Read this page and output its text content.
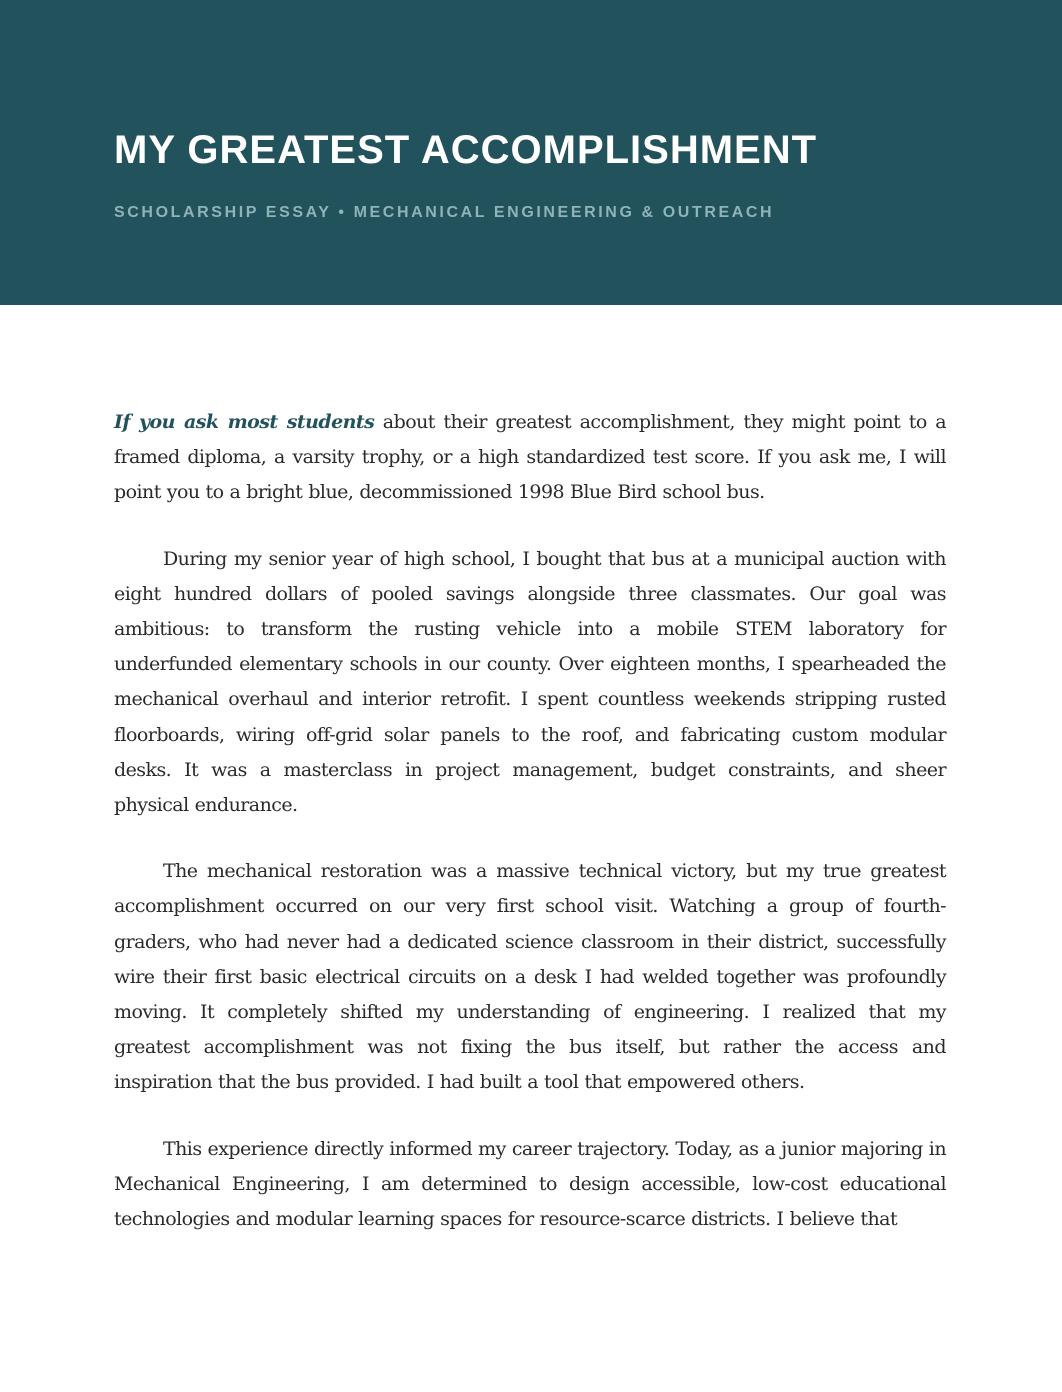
MY GREATEST ACCOMPLISHMENT
SCHOLARSHIP ESSAY • MECHANICAL ENGINEERING & OUTREACH

If you ask most students about their greatest accomplishment, they might point to a framed diploma, a varsity trophy, or a high standardized test score. If you ask me, I will point you to a bright blue, decommissioned 1998 Blue Bird school bus.

During my senior year of high school, I bought that bus at a municipal auction with eight hundred dollars of pooled savings alongside three classmates. Our goal was ambitious: to transform the rusting vehicle into a mobile STEM laboratory for underfunded elementary schools in our county. Over eighteen months, I spearheaded the mechanical overhaul and interior retrofit. I spent countless weekends stripping rusted floorboards, wiring off-grid solar panels to the roof, and fabricating custom modular desks. It was a masterclass in project management, budget constraints, and sheer physical endurance.

The mechanical restoration was a massive technical victory, but my true greatest accomplishment occurred on our very first school visit. Watching a group of fourth-graders, who had never had a dedicated science classroom in their district, successfully wire their first basic electrical circuits on a desk I had welded together was profoundly moving. It completely shifted my understanding of engineering. I realized that my greatest accomplishment was not fixing the bus itself, but rather the access and inspiration that the bus provided. I had built a tool that empowered others.

This experience directly informed my career trajectory. Today, as a junior majoring in Mechanical Engineering, I am determined to design accessible, low-cost educational technologies and modular learning spaces for resource-scarce districts. I believe that
